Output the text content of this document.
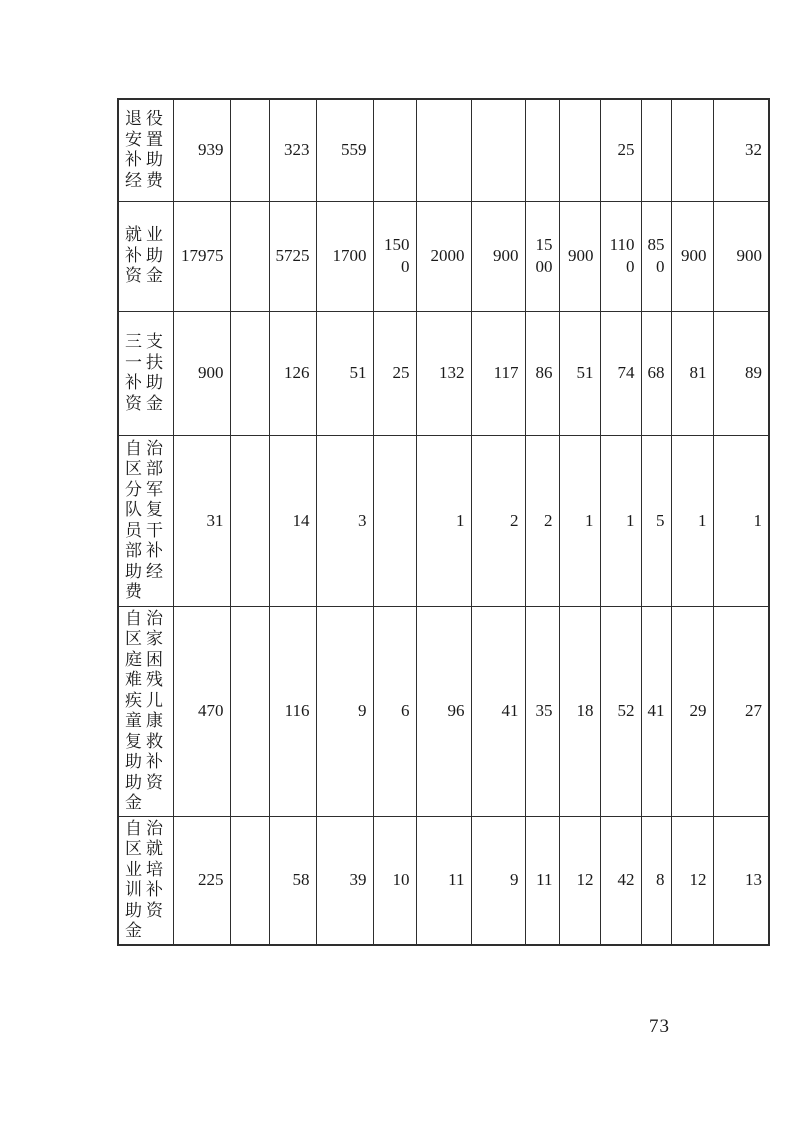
退役安置补助经费	939		323	559						25			32
就业补助资金	17975		5725	1700	1500	2000	900	1500	900	1100	850	900	900
三支一扶补助资金	900		126	51	25	132	117	86	51	74	68	81	89
自治区部分军队复员干部补助经费	31		14	3		1	2	2	1	1	5	1	1
自治区家庭困难残疾儿童康复救助补助资金	470		116	9	6	96	41	35	18	52	41	29	27
自治区就业培训补助资金	225		58	39	10	11	9	11	12	42	8	12	13
73
